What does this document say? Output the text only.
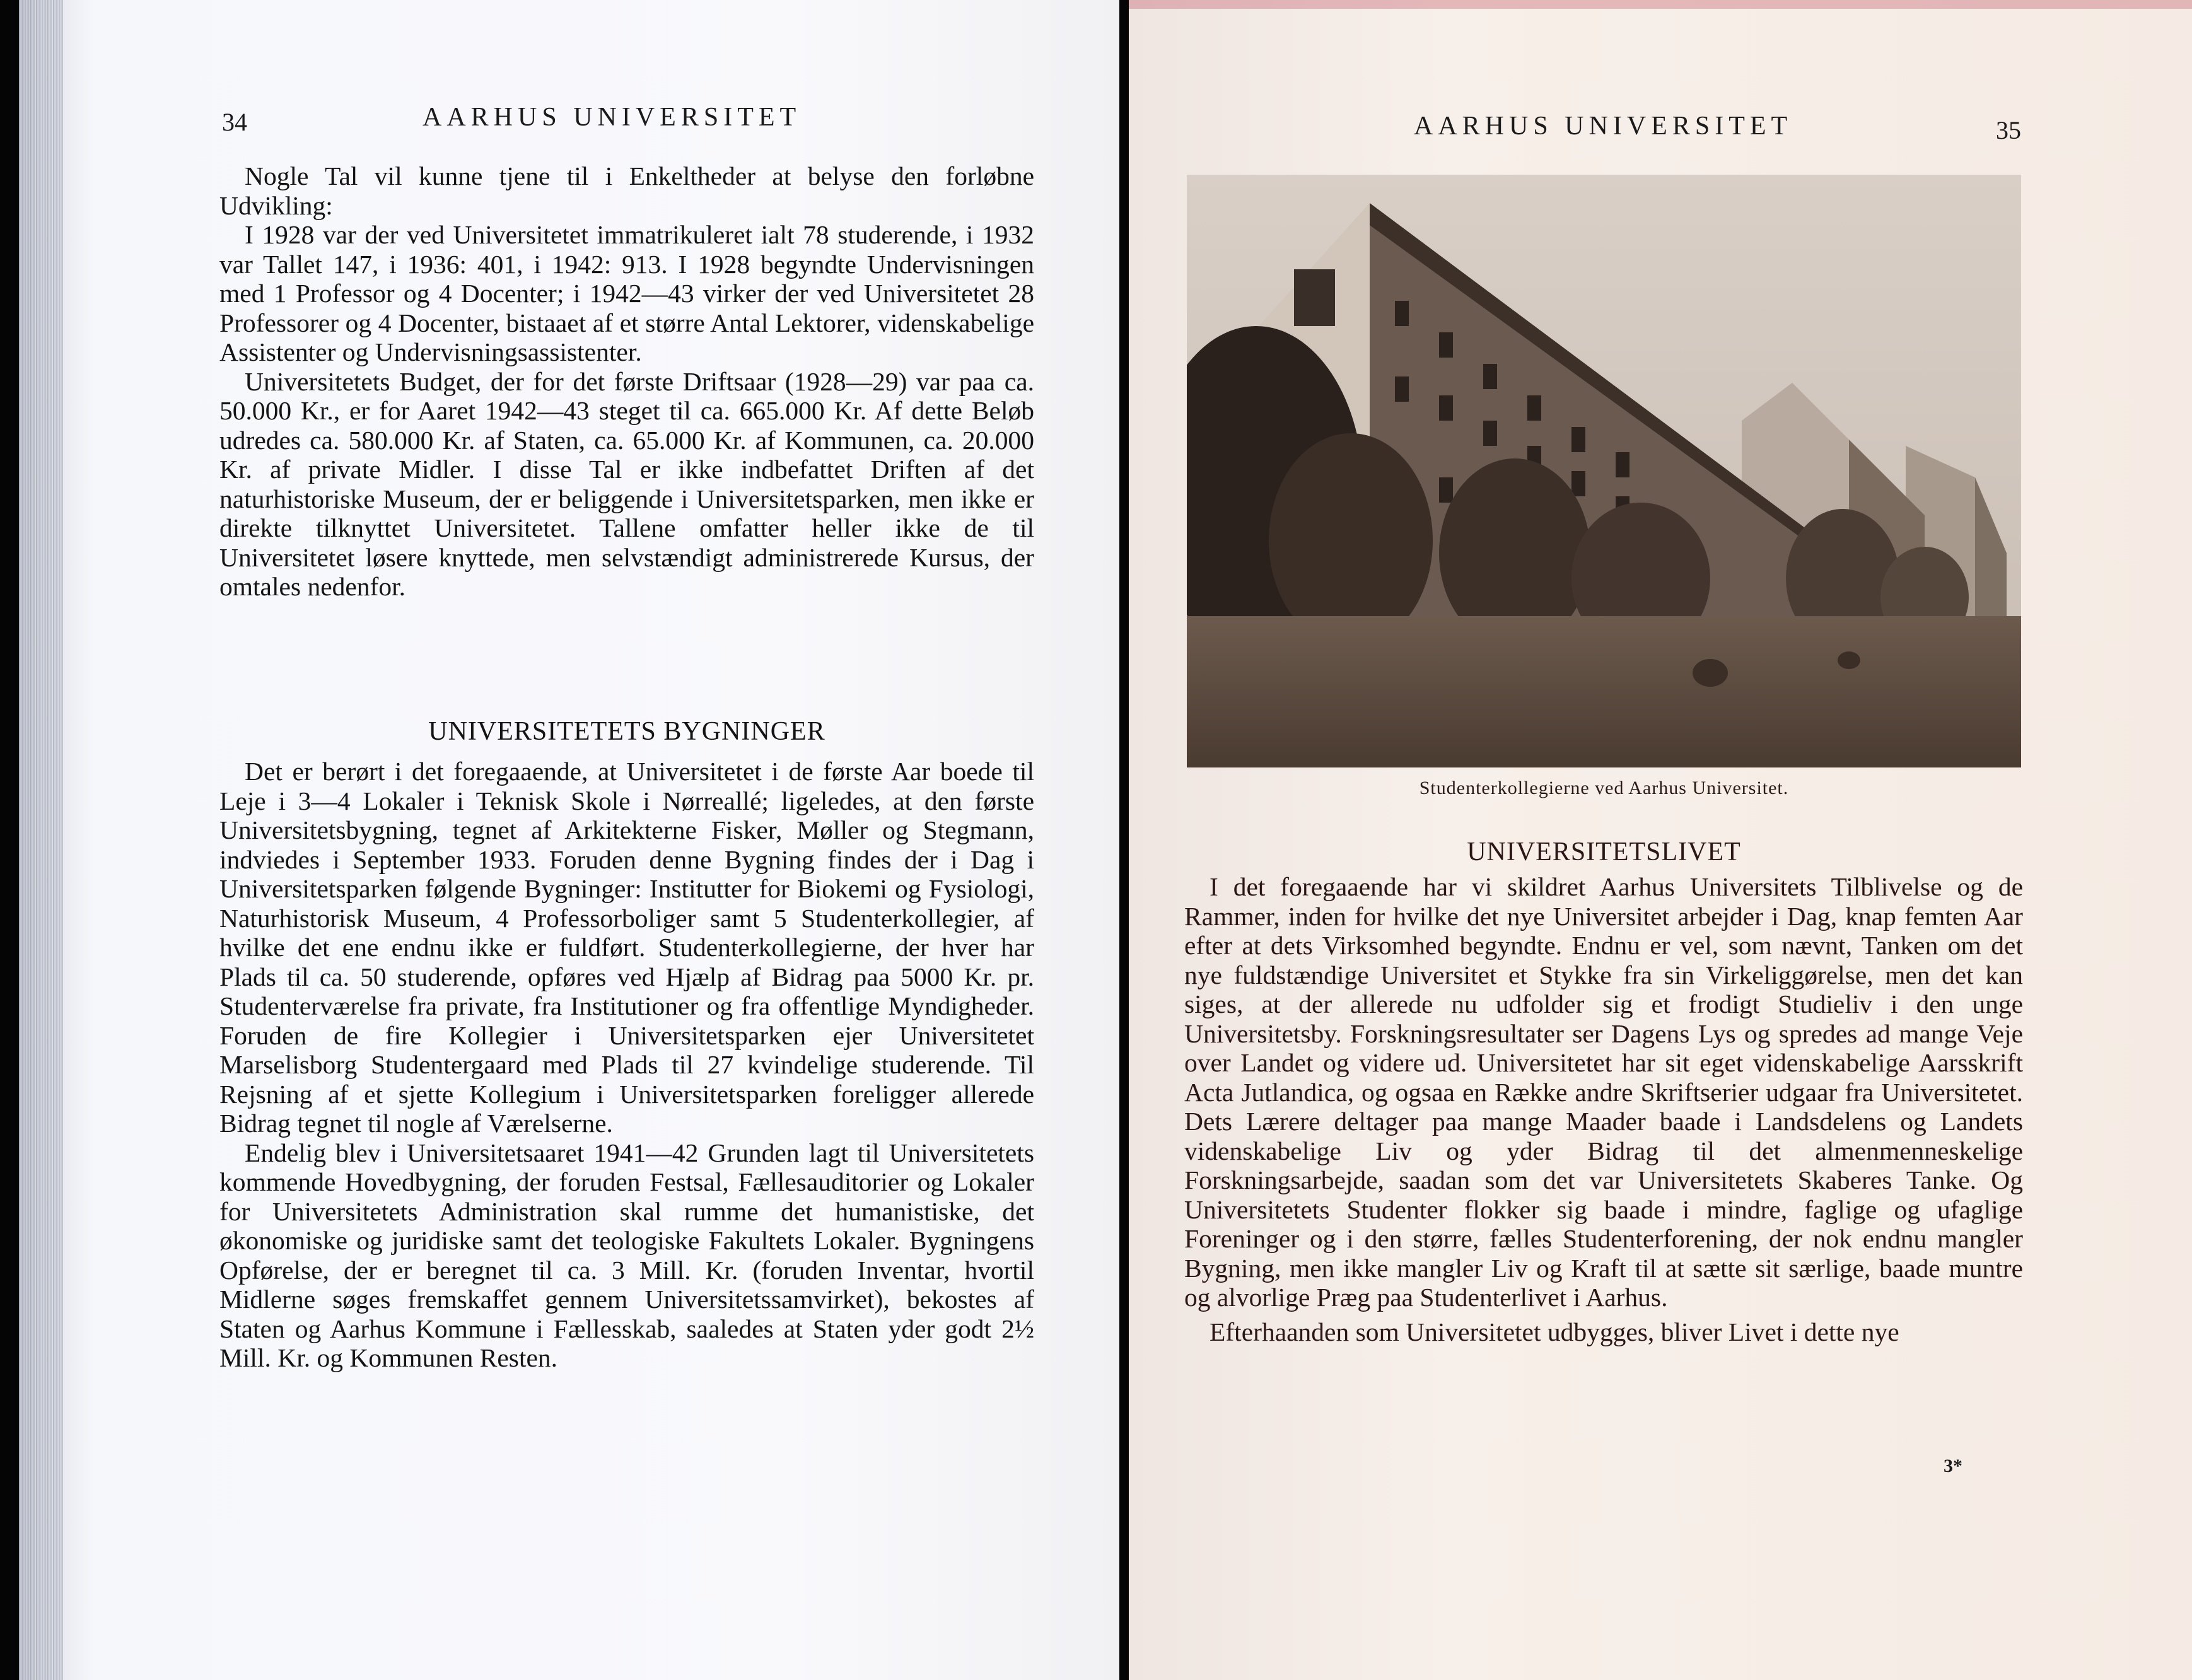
34	AARHUS UNIVERSITET

Nogle Tal vil kunne tjene til i Enkeltheder at belyse den forløbne Udvikling:

I 1928 var der ved Universitetet immatrikuleret ialt 78 studerende, i 1932 var Tallet 147, i 1936: 401, i 1942: 913. I 1928 begyndte Undervisningen med 1 Professor og 4 Docenter; i 1942—43 virker der ved Universitetet 28 Professorer og 4 Docenter, bistaaet af et større Antal Lektorer, videnskabelige Assistenter og Undervisningsassistenter.

Universitetets Budget, der for det første Driftsaar (1928—29) var paa ca. 50.000 Kr., er for Aaret 1942—43 steget til ca. 665.000 Kr. Af dette Beløb udredes ca. 580.000 Kr. af Staten, ca. 65.000 Kr. af Kommunen, ca. 20.000 Kr. af private Midler. I disse Tal er ikke indbefattet Driften af det naturhistoriske Museum, der er beliggende i Universitetsparken, men ikke er direkte tilknyttet Universitetet. Tallene omfatter heller ikke de til Universitetet løsere knyttede, men selvstændigt administrerede Kursus, der omtales nedenfor.

UNIVERSITETETS BYGNINGER

Det er berørt i det foregaaende, at Universitetet i de første Aar boede til Leje i 3—4 Lokaler i Teknisk Skole i Nørreallé; ligeledes, at den første Universitetsbygning, tegnet af Arkitekterne Fisker, Møller og Stegmann, indviedes i September 1933. Foruden denne Bygning findes der i Dag i Universitetsparken følgende Bygninger: Institutter for Biokemi og Fysiologi, Naturhistorisk Museum, 4 Professorboliger samt 5 Studenterkollegier, af hvilke det ene endnu ikke er fuldført. Studenterkollegierne, der hver har Plads til ca. 50 studerende, opføres ved Hjælp af Bidrag paa 5000 Kr. pr. Studenterværelse fra private, fra Institutioner og fra offentlige Myndigheder. Foruden de fire Kollegier i Universitetsparken ejer Universitetet Marselisborg Studentergaard med Plads til 27 kvindelige studerende. Til Rejsning af et sjette Kollegium i Universitetsparken foreligger allerede Bidrag tegnet til nogle af Værelserne.

Endelig blev i Universitetsaaret 1941—42 Grunden lagt til Universitetets kommende Hovedbygning, der foruden Festsal, Fællesauditorier og Lokaler for Universitetets Administration skal rumme det humanistiske, det økonomiske og juridiske samt det teologiske Fakultets Lokaler. Bygningens Opførelse, der er beregnet til ca. 3 Mill. Kr. (foruden Inventar, hvortil Midlerne søges fremskaffet gennem Universitetssamvirket), bekostes af Staten og Aarhus Kommune i Fællesskab, saaledes at Staten yder godt 2½ Mill. Kr. og Kommunen Resten.

AARHUS UNIVERSITET	35
Studenterkollegierne ved Aarhus Universitet.
UNIVERSITETSLIVET

I det foregaaende har vi skildret Aarhus Universitets Tilblivelse og de Rammer, inden for hvilke det nye Universitet arbejder i Dag, knap femten Aar efter at dets Virksomhed begyndte. Endnu er vel, som nævnt, Tanken om det nye fuldstændige Universitet et Stykke fra sin Virkeliggørelse, men det kan siges, at der allerede nu udfolder sig et frodigt Studieliv i den unge Universitetsby. Forskningsresultater ser Dagens Lys og spredes ad mange Veje over Landet og videre ud. Universitetet har sit eget videnskabelige Aarsskrift Acta Jutlandica, og ogsaa en Række andre Skriftserier udgaar fra Universitetet. Dets Lærere deltager paa mange Maader baade i Landsdelens og Landets videnskabelige Liv og yder Bidrag til det almenmenneskelige Forskningsarbejde, saadan som det var Universitetets Skaberes Tanke. Og Universitetets Studenter flokker sig baade i mindre, faglige og ufaglige Foreninger og i den større, fælles Studenterforening, der nok endnu mangler Bygning, men ikke mangler Liv og Kraft til at sætte sit særlige, baade muntre og alvorlige Præg paa Studenterlivet i Aarhus.

Efterhaanden som Universitetet udbygges, bliver Livet i dette nye

3*
